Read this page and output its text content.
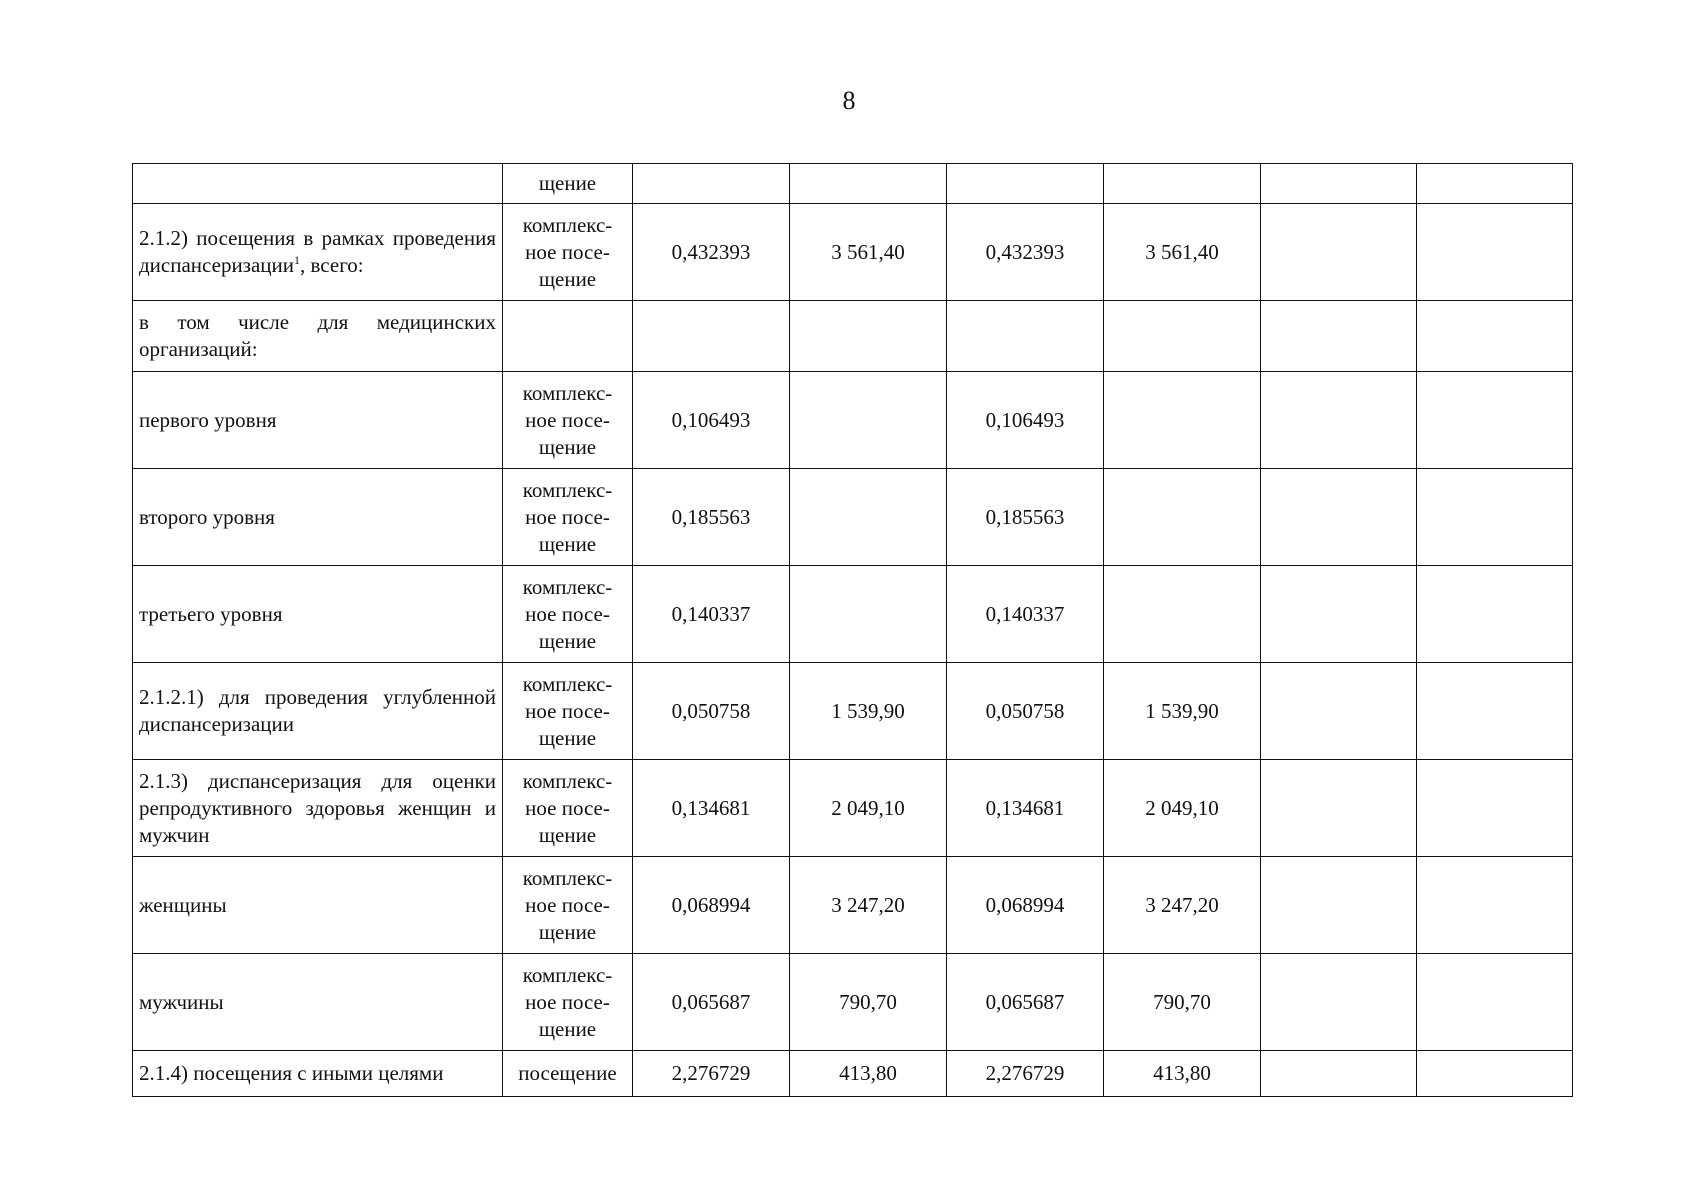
8
	щение						
2.1.2) посещения в рамках проведения диспансеризации$^1$, всего:	комплекс-ное посе-щение	0,432393	3 561,40	0,432393	3 561,40		
в том числе для медицинских организаций:							
первого уровня	комплекс-ное посе-щение	0,106493		0,106493			
второго уровня	комплекс-ное посе-щение	0,185563		0,185563			
третьего уровня	комплекс-ное посе-щение	0,140337		0,140337			
2.1.2.1) для проведения углубленной диспансеризации	комплекс-ное посе-щение	0,050758	1 539,90	0,050758	1 539,90		
2.1.3) диспансеризация для оценки репродуктивного здоровья женщин и мужчин	комплекс-ное посе-щение	0,134681	2 049,10	0,134681	2 049,10		
женщины	комплекс-ное посе-щение	0,068994	3 247,20	0,068994	3 247,20		
мужчины	комплекс-ное посе-щение	0,065687	790,70	0,065687	790,70		
2.1.4) посещения с иными целями	посещение	2,276729	413,80	2,276729	413,80		
